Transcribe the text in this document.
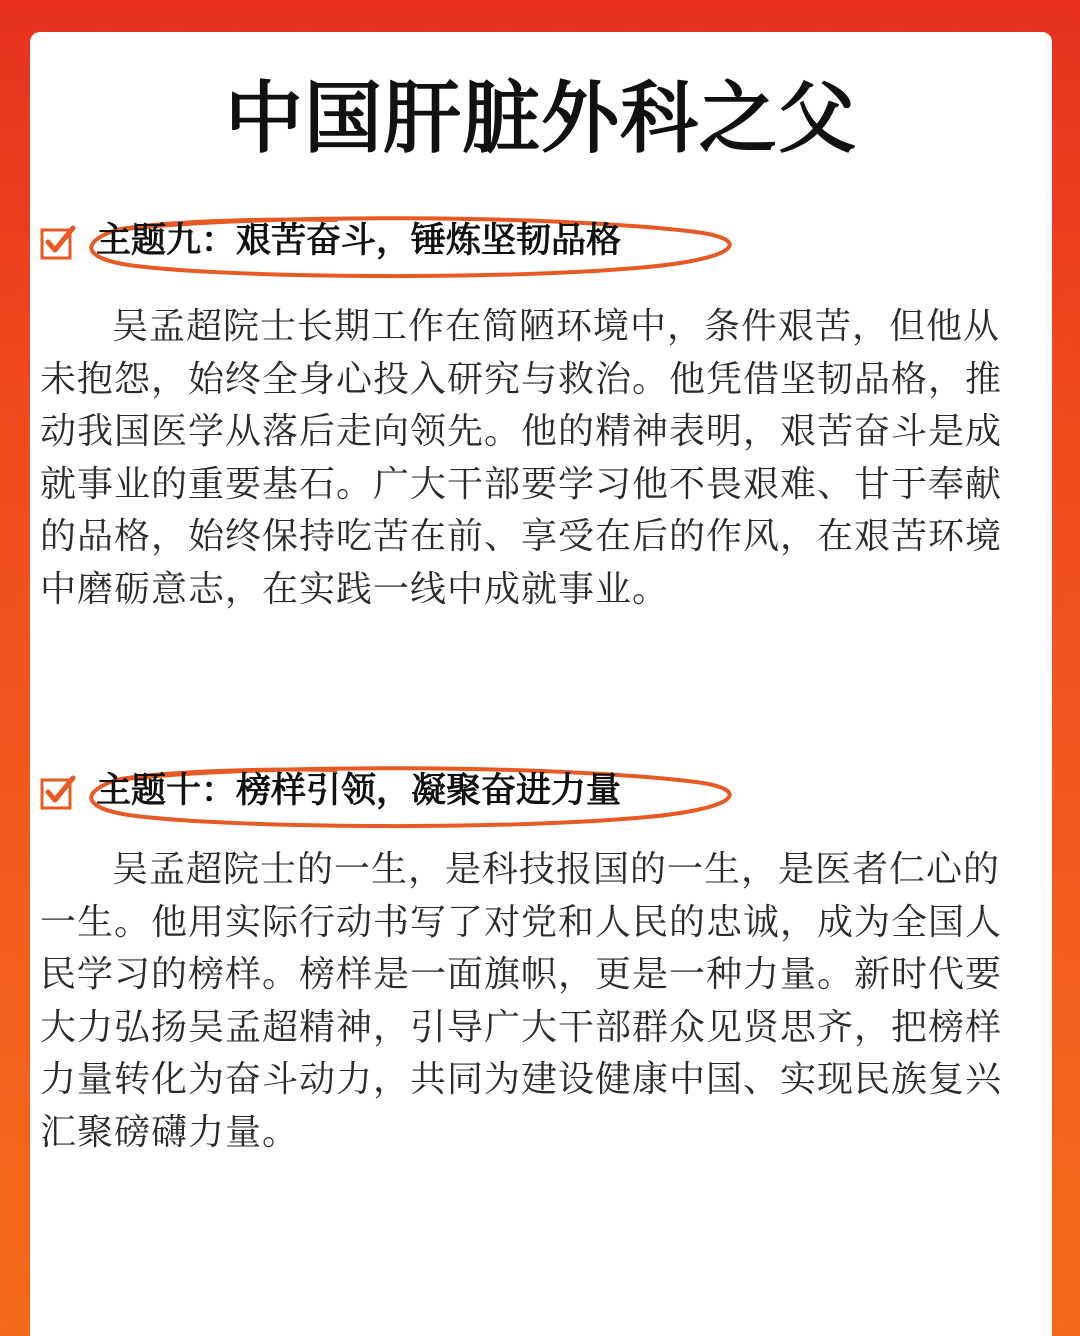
中国肝脏外科之父
主题九：艰苦奋斗，锤炼坚韧品格

吴孟超院士长期工作在简陋环境中，条件艰苦，但他从未抱怨，始终全身心投入研究与救治。他凭借坚韧品格，推动我国医学从落后走向领先。他的精神表明，艰苦奋斗是成就事业的重要基石。广大干部要学习他不畏艰难、甘于奉献的品格，始终保持吃苦在前、享受在后的作风，在艰苦环境中磨砺意志，在实践一线中成就事业。

主题十：榜样引领，凝聚奋进力量

吴孟超院士的一生，是科技报国的一生，是医者仁心的一生。他用实际行动书写了对党和人民的忠诚，成为全国人民学习的榜样。榜样是一面旗帜，更是一种力量。新时代要大力弘扬吴孟超精神，引导广大干部群众见贤思齐，把榜样力量转化为奋斗动力，共同为建设健康中国、实现民族复兴汇聚磅礴力量。
